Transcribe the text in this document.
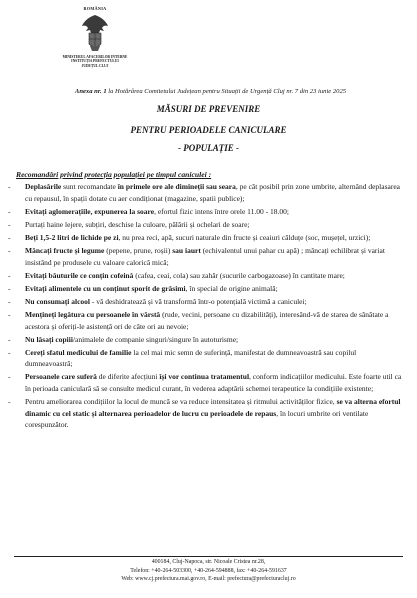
ROMÂNIA
MINISTERUL AFACERILOR INTERNE
INSTITUȚIA PREFECTULUI
JUDEȚUL CLUJ
Anexa nr. 1 la Hotărârea Comitetului Județean pentru Situații de Urgență Cluj nr. 7 din 23 iunie 2025
MĂSURI DE PREVENIRE
PENTRU PERIOADELE CANICULARE
- POPULAȚIE -
Recomandări privind protecția populației pe timpul caniculei :
- Deplasările sunt recomandate în primele ore ale dimineții sau seara, pe cât posibil prin zone umbrite, alternând deplasarea cu repausul, în spații dotate cu aer condiționat (magazine, spatii publice);
- Evitați aglomerațiile, expunerea la soare, efortul fizic intens între orele 11.00 - 18.00;
- Purtați haine lejere, subțiri, deschise la culoare, pălării și ochelari de soare;
- Beți 1,5-2 litri de lichide pe zi, nu prea reci, apă, sucuri naturale din fructe și ceaiuri călduțe (soc, mușețel, urzici);
- Mâncați fructe și legume (pepene, prune, roșii) sau iaurt (echivalentul unui pahar cu apă) ; mâncați echilibrat și variat insistând pe produsele cu valoare calorică mică;
- Evitați băuturile ce conțin cofeină (cafea, ceai, cola) sau zahăr (sucurile carbogazoase) în cantitate mare;
- Evitați alimentele cu un conținut sporit de grăsimi, în special de origine animală;
- Nu consumați alcool - vă deshidratează și vă transformă într-o potențială victimă a caniculei;
- Mențineți legătura cu persoanele în vârstă (rude, vecini, persoane cu dizabilități), interesând-vă de starea de sănătate a acestora și oferiți-le asistență ori de câte ori au nevoie;
- Nu lăsați copiii/animalele de companie singuri/singure în autoturisme;
- Cereți sfatul medicului de familie la cel mai mic semn de suferință, manifestat de dumneavoastră sau copilul dumneavoastră;
- Persoanele care suferă de diferite afecțiuni își vor continua tratamentul, conform indicațiilor medicului. Este foarte util ca în perioada caniculară să se consulte medicul curant, în vederea adaptării schemei terapeutice la condițiile existente;
- Pentru ameliorarea condițiilor la locul de muncă se va reduce intensitatea și ritmului activităților fizice, se va alterna efortul dinamic cu cel static și alternarea perioadelor de lucru cu perioadele de repaus, în locuri umbrite ori ventilate corespunzător.
400184, Cluj-Napoca, str. Nicoale Cristea nr.28,
Telefon: +40-264-503300, +40-264-594888, fax: +40-264-591637
Web: www.cj.prefectura.mai.gov.ro, E-mail: prefectura@prefecturacluj.ro
